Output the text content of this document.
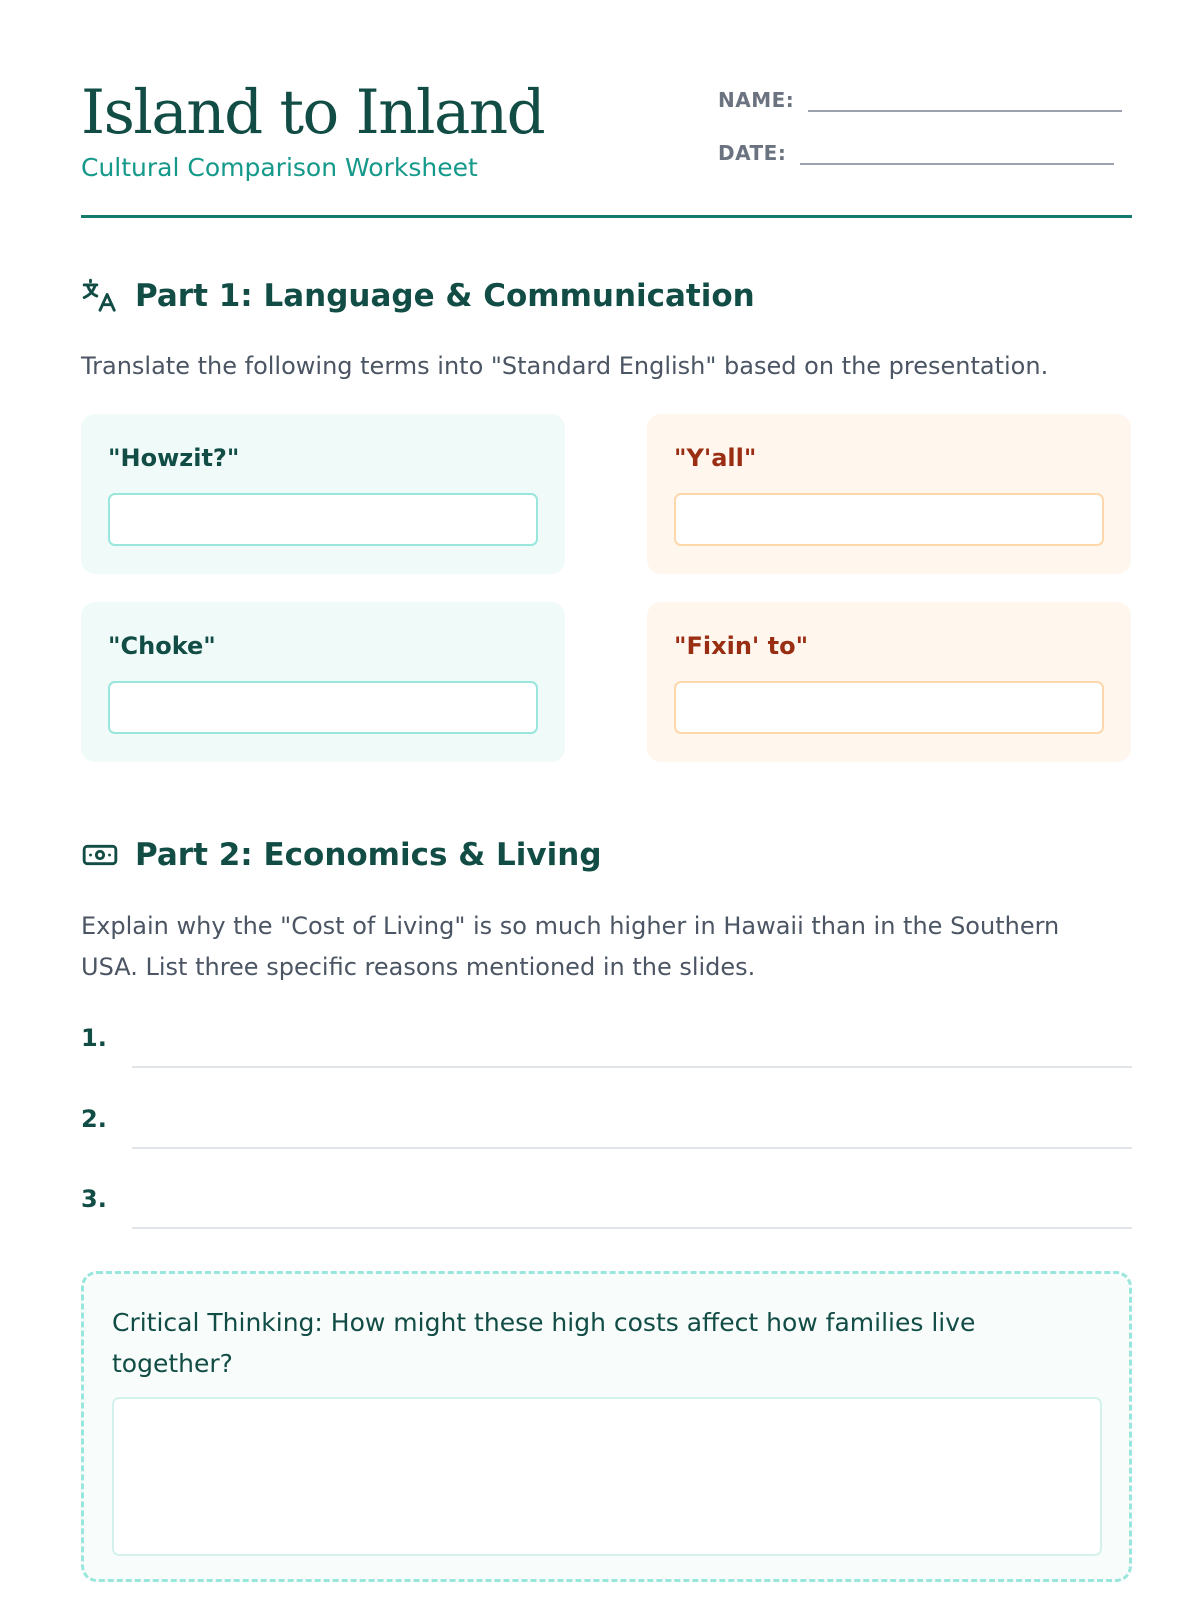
Island to Inland
Cultural Comparison Worksheet
NAME:
DATE:
Part 1: Language & Communication
Translate the following terms into "Standard English" based on the presentation.
"Howzit?"	"Y'all"
"Choke"	"Fixin' to"
Part 2: Economics & Living
Explain why the "Cost of Living" is so much higher in Hawaii than in the Southern USA. List three specific reasons mentioned in the slides.
1.
2.
3.
Critical Thinking: How might these high costs affect how families live together?
